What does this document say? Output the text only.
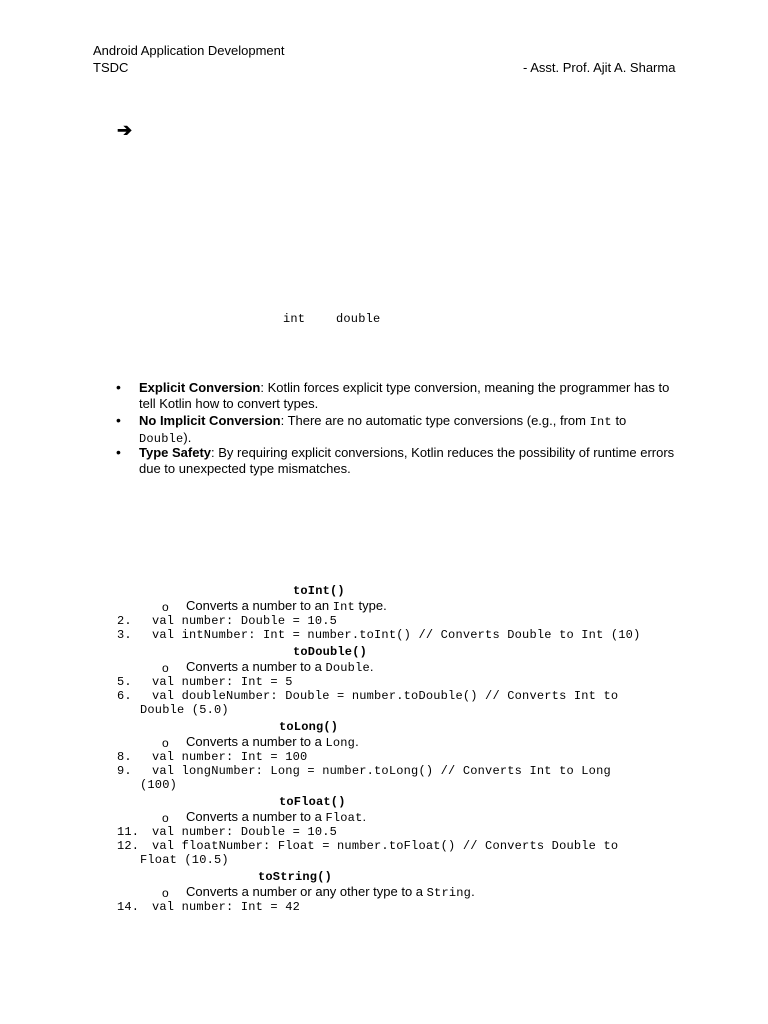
Android Application Development
TSDC	- Asst. Prof. Ajit A. Sharma
➔
int	double
• Explicit Conversion: Kotlin forces explicit type conversion, meaning the programmer has to tell Kotlin how to convert types.
• No Implicit Conversion: There are no automatic type conversions (e.g., from Int to
Double).
• Type Safety: By requiring explicit conversions, Kotlin reduces the possibility of runtime errors due to unexpected type mismatches.
toInt()
o Converts a number to an Int type.
2. val number: Double = 10.5
3. val intNumber: Int = number.toInt() // Converts Double to Int (10)
toDouble()
o Converts a number to a Double.
5. val number: Int = 5
6. val doubleNumber: Double = number.toDouble() // Converts Int to
Double (5.0)
toLong()
o Converts a number to a Long.
8. val number: Int = 100
9. val longNumber: Long = number.toLong() // Converts Int to Long
(100)
toFloat()
o Converts a number to a Float.
11. val number: Double = 10.5
12. val floatNumber: Float = number.toFloat() // Converts Double to
Float (10.5)
toString()
o Converts a number or any other type to a String.
14. val number: Int = 42
